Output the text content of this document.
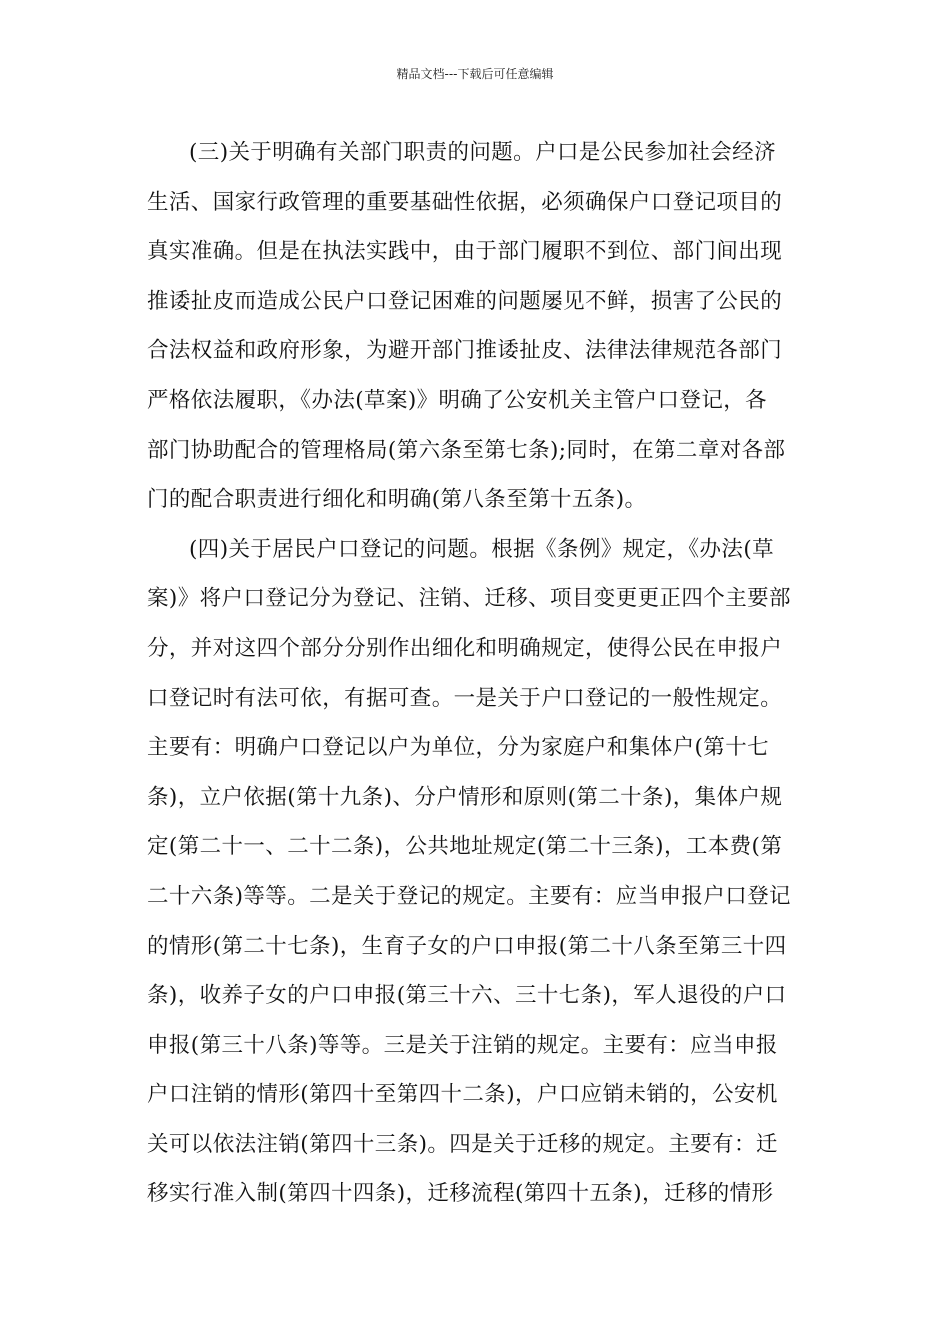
精品文档---下载后可任意编辑
(三)关于明确有关部门职责的问题。户口是公民参加社会经济
生活、国家行政管理的重要基础性依据，必须确保户口登记项目的
真实准确。但是在执法实践中，由于部门履职不到位、部门间出现
推诿扯皮而造成公民户口登记困难的问题屡见不鲜，损害了公民的
合法权益和政府形象，为避开部门推诿扯皮、法律法律规范各部门
严格依法履职，《办法(草案)》明确了公安机关主管户口登记，各
部门协助配合的管理格局(第六条至第七条);同时，在第二章对各部
门的配合职责进行细化和明确(第八条至第十五条)。
(四)关于居民户口登记的问题。根据《条例》规定，《办法(草
案)》将户口登记分为登记、注销、迁移、项目变更更正四个主要部
分，并对这四个部分分别作出细化和明确规定，使得公民在申报户
口登记时有法可依，有据可查。一是关于户口登记的一般性规定。
主要有：明确户口登记以户为单位，分为家庭户和集体户(第十七
条)，立户依据(第十九条)、分户情形和原则(第二十条)，集体户规
定(第二十一、二十二条)，公共地址规定(第二十三条)，工本费(第
二十六条)等等。二是关于登记的规定。主要有：应当申报户口登记
的情形(第二十七条)，生育子女的户口申报(第二十八条至第三十四
条)，收养子女的户口申报(第三十六、三十七条)，军人退役的户口
申报(第三十八条)等等。三是关于注销的规定。主要有：应当申报
户口注销的情形(第四十至第四十二条)，户口应销未销的，公安机
关可以依法注销(第四十三条)。四是关于迁移的规定。主要有：迁
移实行准入制(第四十四条)，迁移流程(第四十五条)，迁移的情形
